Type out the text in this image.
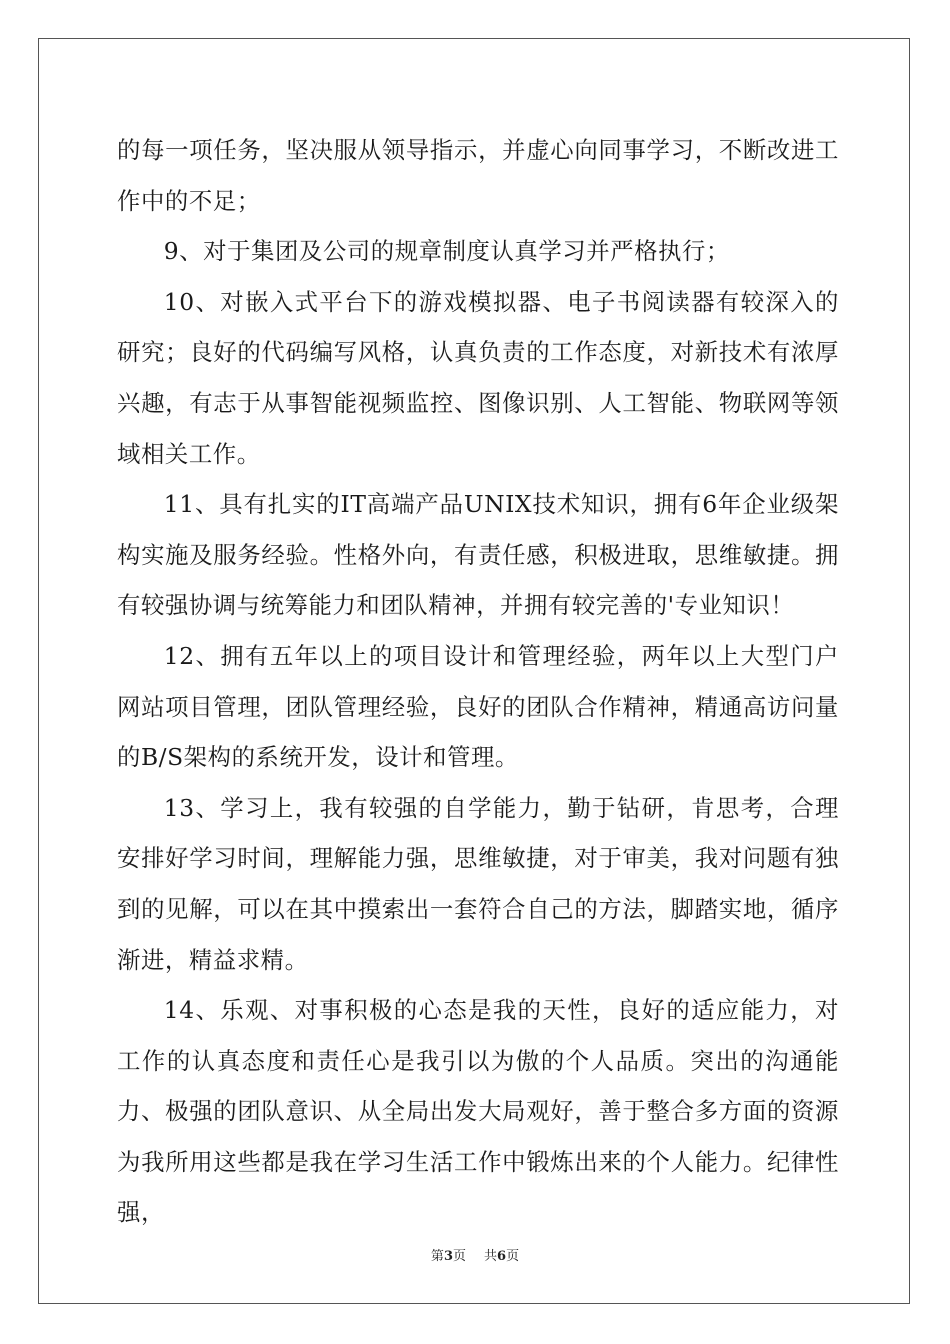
的每一项任务，坚决服从领导指示，并虚心向同事学习，不断改进工作中的不足；

9、对于集团及公司的规章制度认真学习并严格执行；

10、对嵌入式平台下的游戏模拟器、电子书阅读器有较深入的研究；良好的代码编写风格，认真负责的工作态度，对新技术有浓厚兴趣，有志于从事智能视频监控、图像识别、人工智能、物联网等领域相关工作。

11、具有扎实的IT高端产品UNIX技术知识，拥有6年企业级架构实施及服务经验。性格外向，有责任感，积极进取，思维敏捷。拥有较强协调与统筹能力和团队精神，并拥有较完善的'专业知识！

12、拥有五年以上的项目设计和管理经验，两年以上大型门户网站项目管理，团队管理经验，良好的团队合作精神，精通高访问量的B/S架构的系统开发，设计和管理。

13、学习上，我有较强的自学能力，勤于钻研，肯思考，合理安排好学习时间，理解能力强，思维敏捷，对于审美，我对问题有独到的见解，可以在其中摸索出一套符合自己的方法，脚踏实地，循序渐进，精益求精。

14、乐观、对事积极的心态是我的天性，良好的适应能力，对工作的认真态度和责任心是我引以为傲的个人品质。突出的沟通能力、极强的团队意识、从全局出发大局观好，善于整合多方面的资源为我所用这些都是我在学习生活工作中锻炼出来的个人能力。纪律性强，

第3页 共6页
